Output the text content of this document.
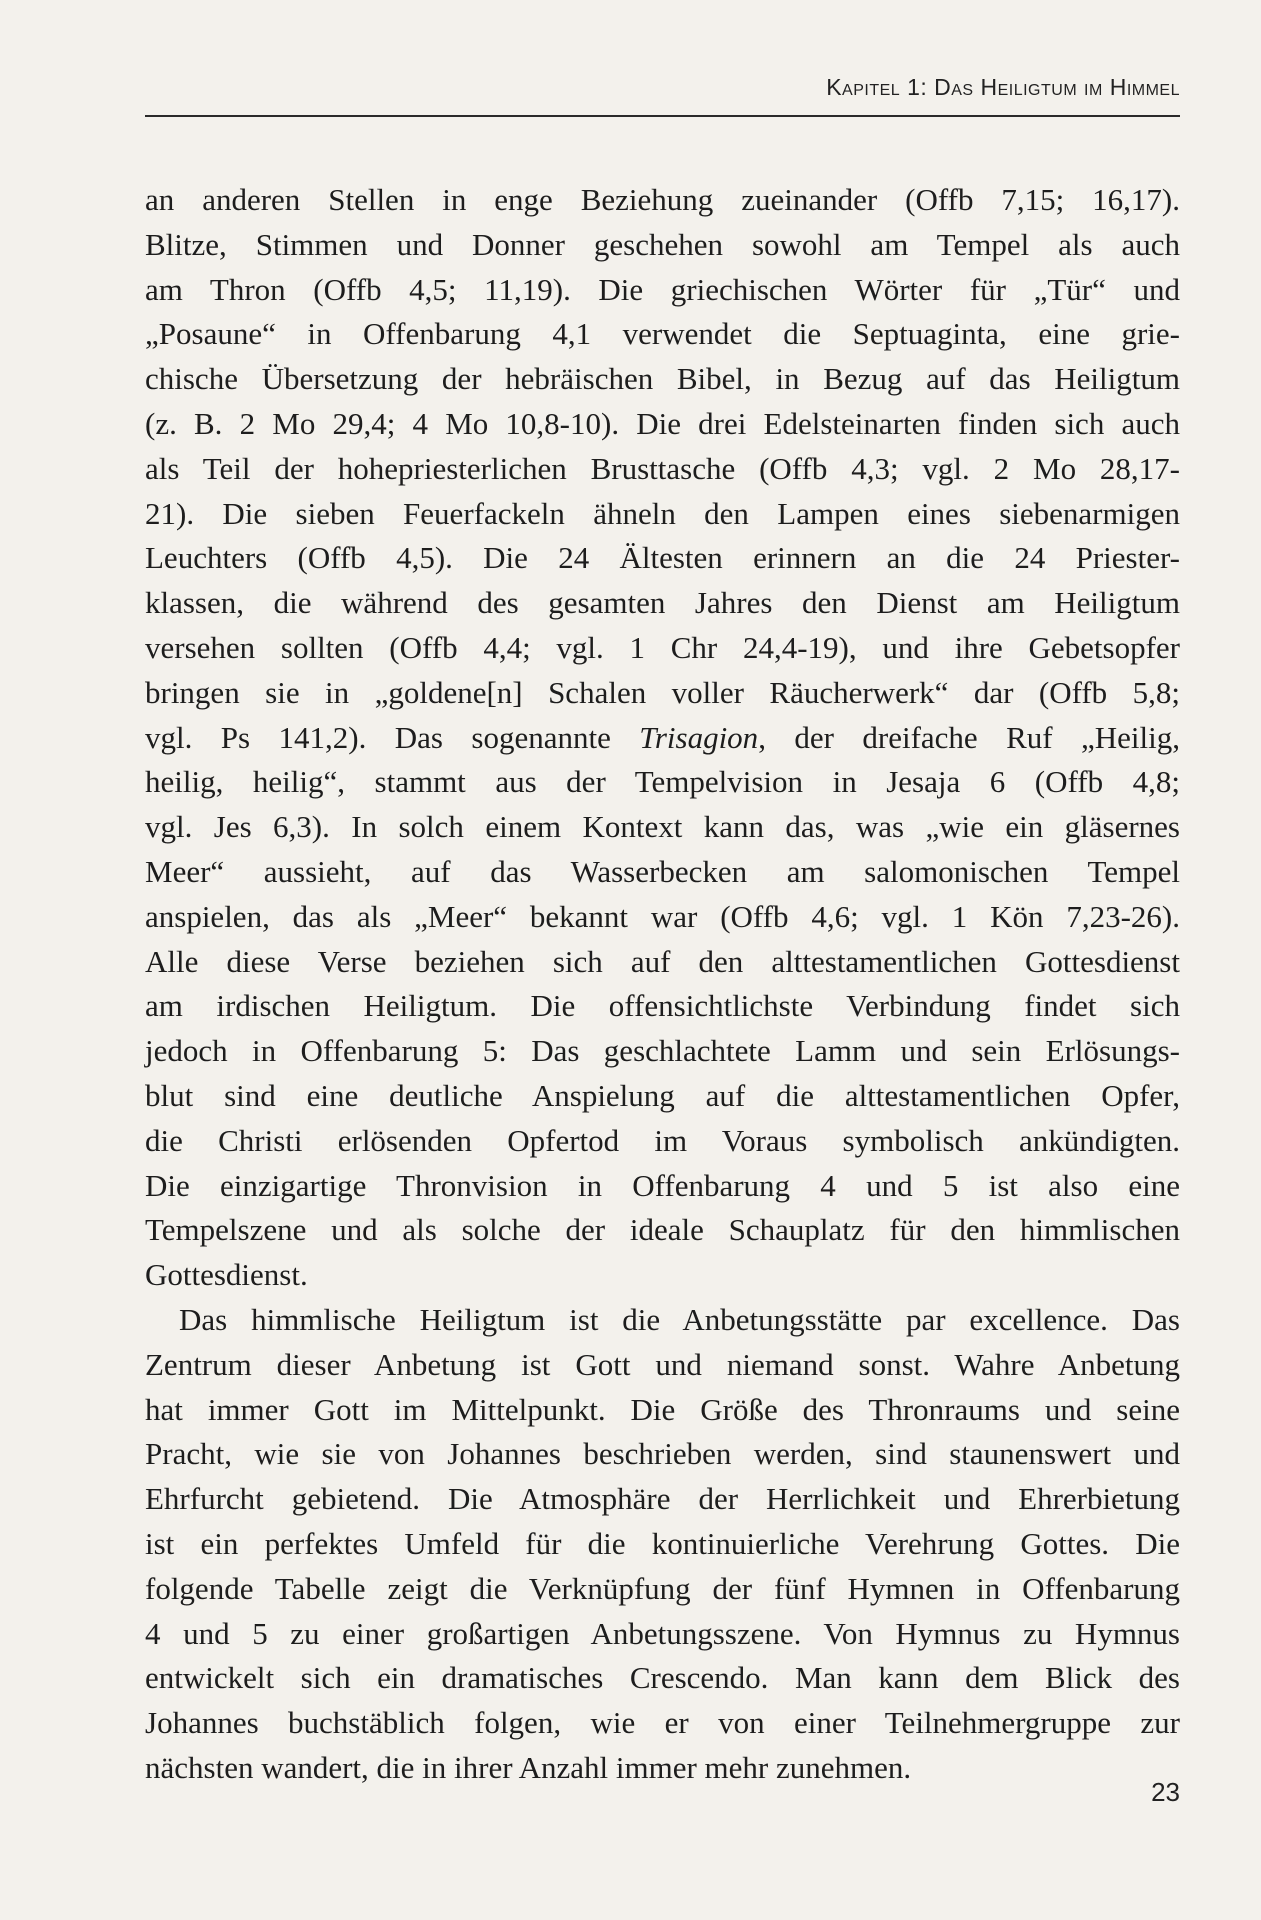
Kapitel 1: Das Heiligtum im Himmel
an anderen Stellen in enge Beziehung zueinander (Offb 7,15; 16,17).
Blitze, Stimmen und Donner geschehen sowohl am Tempel als auch
am Thron (Offb 4,5; 11,19). Die griechischen Wörter für „Tür“ und
„Posaune“ in Offenbarung 4,1 verwendet die Septuaginta, eine grie-
chische Übersetzung der hebräischen Bibel, in Bezug auf das Heiligtum
(z. B. 2 Mo 29,4; 4 Mo 10,8-10). Die drei Edelsteinarten finden sich auch
als Teil der hohepriesterlichen Brusttasche (Offb 4,3; vgl. 2 Mo 28,17-
21). Die sieben Feuerfackeln ähneln den Lampen eines siebenarmigen
Leuchters (Offb 4,5). Die 24 Ältesten erinnern an die 24 Priester-
klassen, die während des gesamten Jahres den Dienst am Heiligtum
versehen sollten (Offb 4,4; vgl. 1 Chr 24,4-19), und ihre Gebetsopfer
bringen sie in „goldene[n] Schalen voller Räucherwerk“ dar (Offb 5,8;
vgl. Ps 141,2). Das sogenannte Trisagion, der dreifache Ruf „Heilig,
heilig, heilig“, stammt aus der Tempelvision in Jesaja 6 (Offb 4,8;
vgl. Jes 6,3). In solch einem Kontext kann das, was „wie ein gläsernes
Meer“ aussieht, auf das Wasserbecken am salomonischen Tempel
anspielen, das als „Meer“ bekannt war (Offb 4,6; vgl. 1 Kön 7,23-26).
Alle diese Verse beziehen sich auf den alttestamentlichen Gottesdienst
am irdischen Heiligtum. Die offensichtlichste Verbindung findet sich
jedoch in Offenbarung 5: Das geschlachtete Lamm und sein Erlösungs-
blut sind eine deutliche Anspielung auf die alttestamentlichen Opfer,
die Christi erlösenden Opfertod im Voraus symbolisch ankündigten.
Die einzigartige Thronvision in Offenbarung 4 und 5 ist also eine
Tempelszene und als solche der ideale Schauplatz für den himmlischen
Gottesdienst.
Das himmlische Heiligtum ist die Anbetungsstätte par excellence. Das
Zentrum dieser Anbetung ist Gott und niemand sonst. Wahre Anbetung
hat immer Gott im Mittelpunkt. Die Größe des Thronraums und seine
Pracht, wie sie von Johannes beschrieben werden, sind staunenswert und
Ehrfurcht gebietend. Die Atmosphäre der Herrlichkeit und Ehrerbietung
ist ein perfektes Umfeld für die kontinuierliche Verehrung Gottes. Die
folgende Tabelle zeigt die Verknüpfung der fünf Hymnen in Offenbarung
4 und 5 zu einer großartigen Anbetungsszene. Von Hymnus zu Hymnus
entwickelt sich ein dramatisches Crescendo. Man kann dem Blick des
Johannes buchstäblich folgen, wie er von einer Teilnehmergruppe zur
nächsten wandert, die in ihrer Anzahl immer mehr zunehmen.
23
